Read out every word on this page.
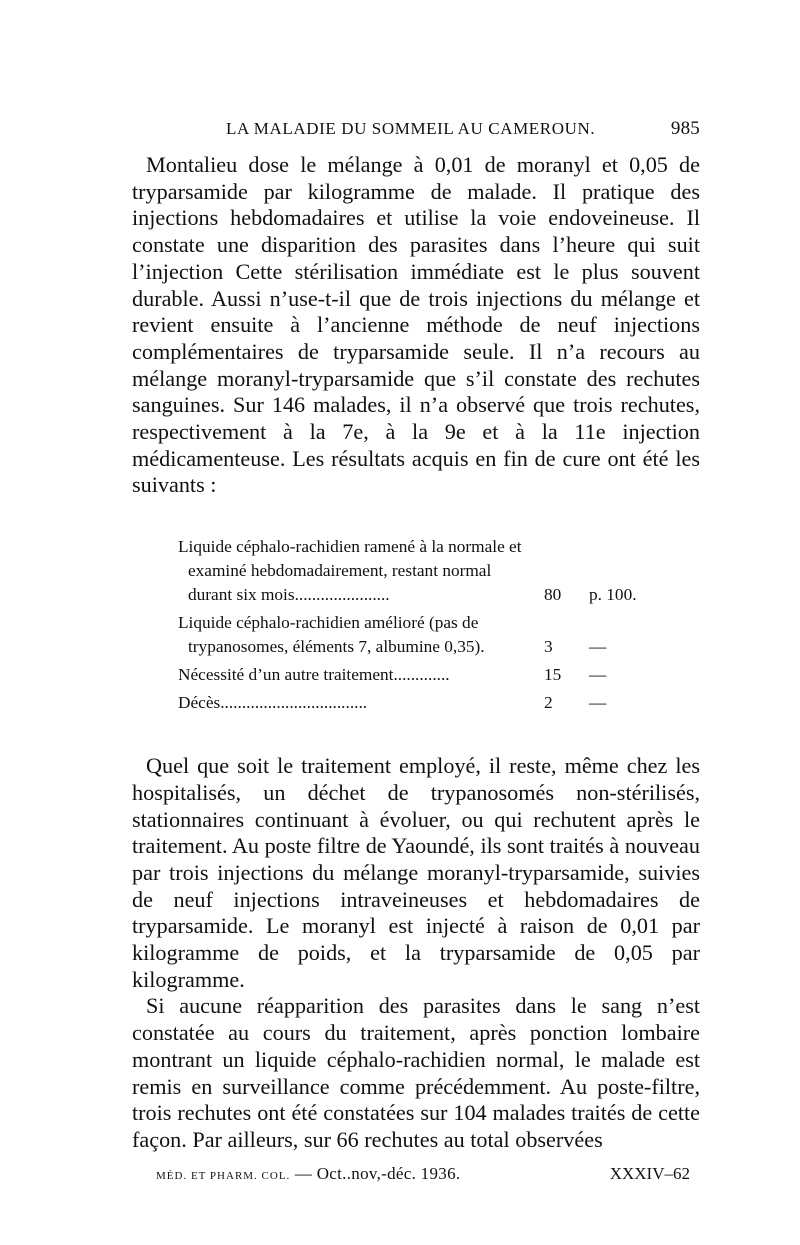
LA MALADIE DU SOMMEIL AU CAMEROUN.	985

Montalieu dose le mélange à 0,01 de moranyl et 0,05 de tryparsamide par kilogramme de malade. Il pratique des injections hebdomadaires et utilise la voie endoveineuse. Il constate une disparition des parasites dans l’heure qui suit l’injection Cette stérilisation immédiate est le plus souvent durable. Aussi n’use-t-il que de trois injections du mélange et revient ensuite à l’ancienne méthode de neuf injections complémentaires de tryparsamide seule. Il n’a recours au mélange moranyl-tryparsamide que s’il constate des rechutes sanguines. Sur 146 malades, il n’a observé que trois rechutes, respectivement à la 7e, à la 9e et à la 11e injection médicamenteuse. Les résultats acquis en fin de cure ont été les suivants :

Liquide céphalo-rachidien ramené à la normale et examiné hebdomadairement, restant normal durant six mois......................	80	p. 100.
Liquide céphalo-rachidien amélioré (pas de trypanosomes, éléments 7, albumine 0,35).	3	—
Nécessité d’un autre traitement.............	15	—
Décès..................................	2	—

Quel que soit le traitement employé, il reste, même chez les hospitalisés, un déchet de trypanosomés non-stérilisés, stationnaires continuant à évoluer, ou qui rechutent après le traitement. Au poste filtre de Yaoundé, ils sont traités à nouveau par trois injections du mélange moranyl-tryparsamide, suivies de neuf injections intraveineuses et hebdomadaires de tryparsamide. Le moranyl est injecté à raison de 0,01 par kilogramme de poids, et la tryparsamide de 0,05 par kilogramme.

Si aucune réapparition des parasites dans le sang n’est constatée au cours du traitement, après ponction lombaire montrant un liquide céphalo-rachidien normal, le malade est remis en surveillance comme précédemment. Au poste-filtre, trois rechutes ont été constatées sur 104 malades traités de cette façon. Par ailleurs, sur 66 rechutes au total observées

MÉD. ET PHARM. COL. — Oct..nov,-déc. 1936.	XXXIV–62
